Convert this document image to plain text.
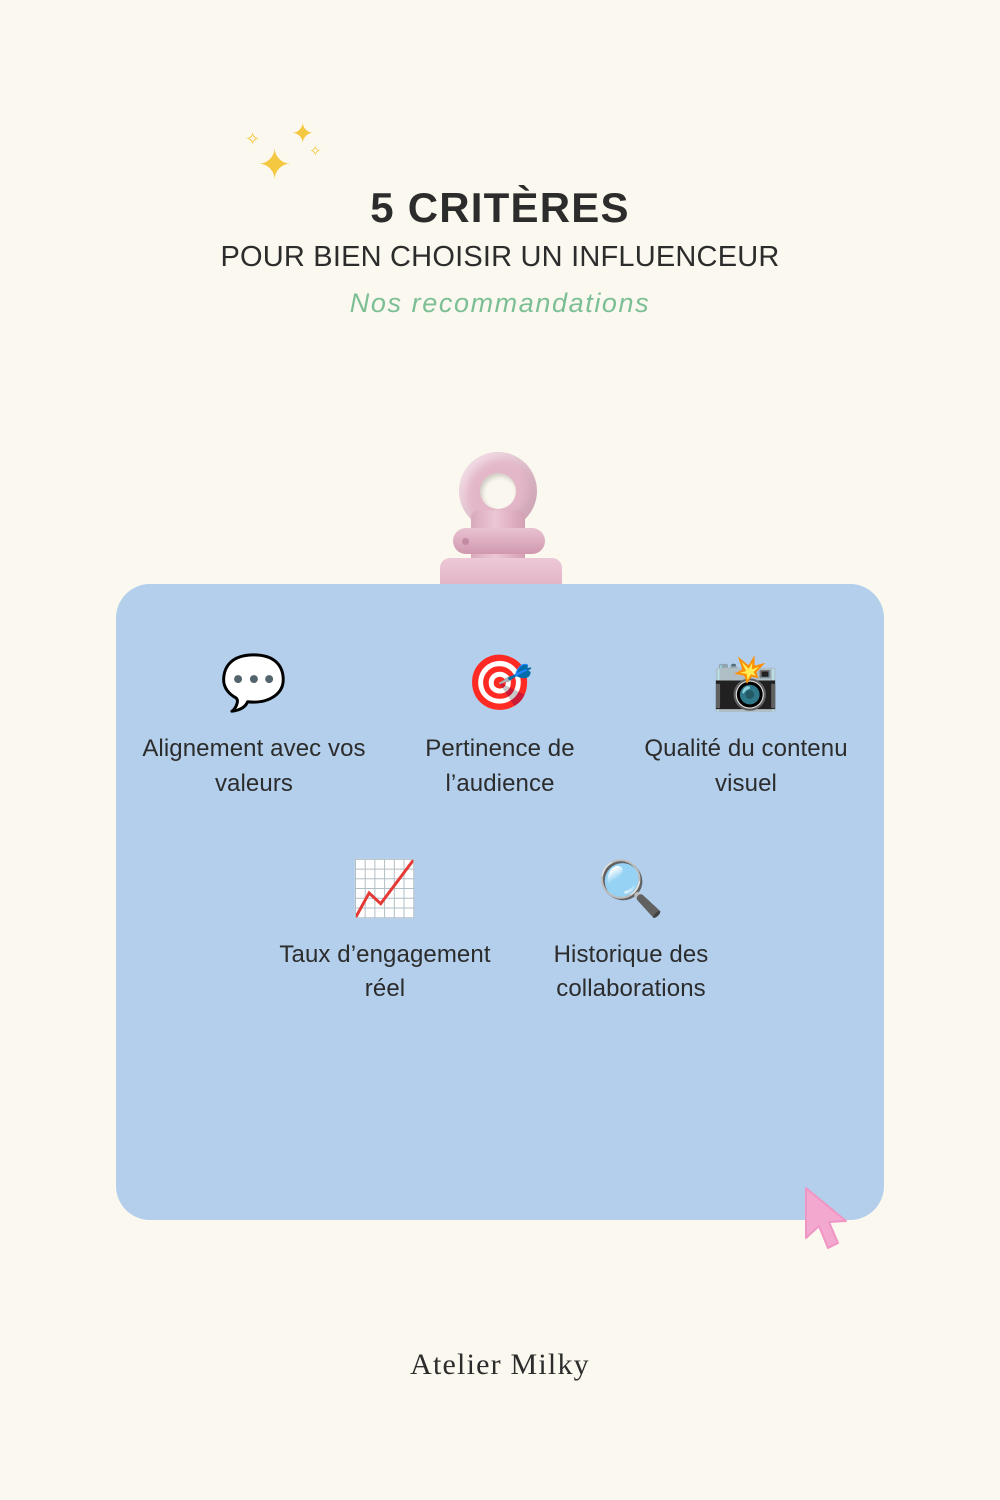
✦
✦
✧
✧
5 CRITÈRES

POUR BIEN CHOISIR UN INFLUENCEUR

Nos recommandations

💬
Alignement avec vos valeurs
🎯
Pertinence de l’audience
📸
Qualité du contenu visuel
📈
Taux d’engagement réel
🔍
Historique des collaborations
Atelier Milky
